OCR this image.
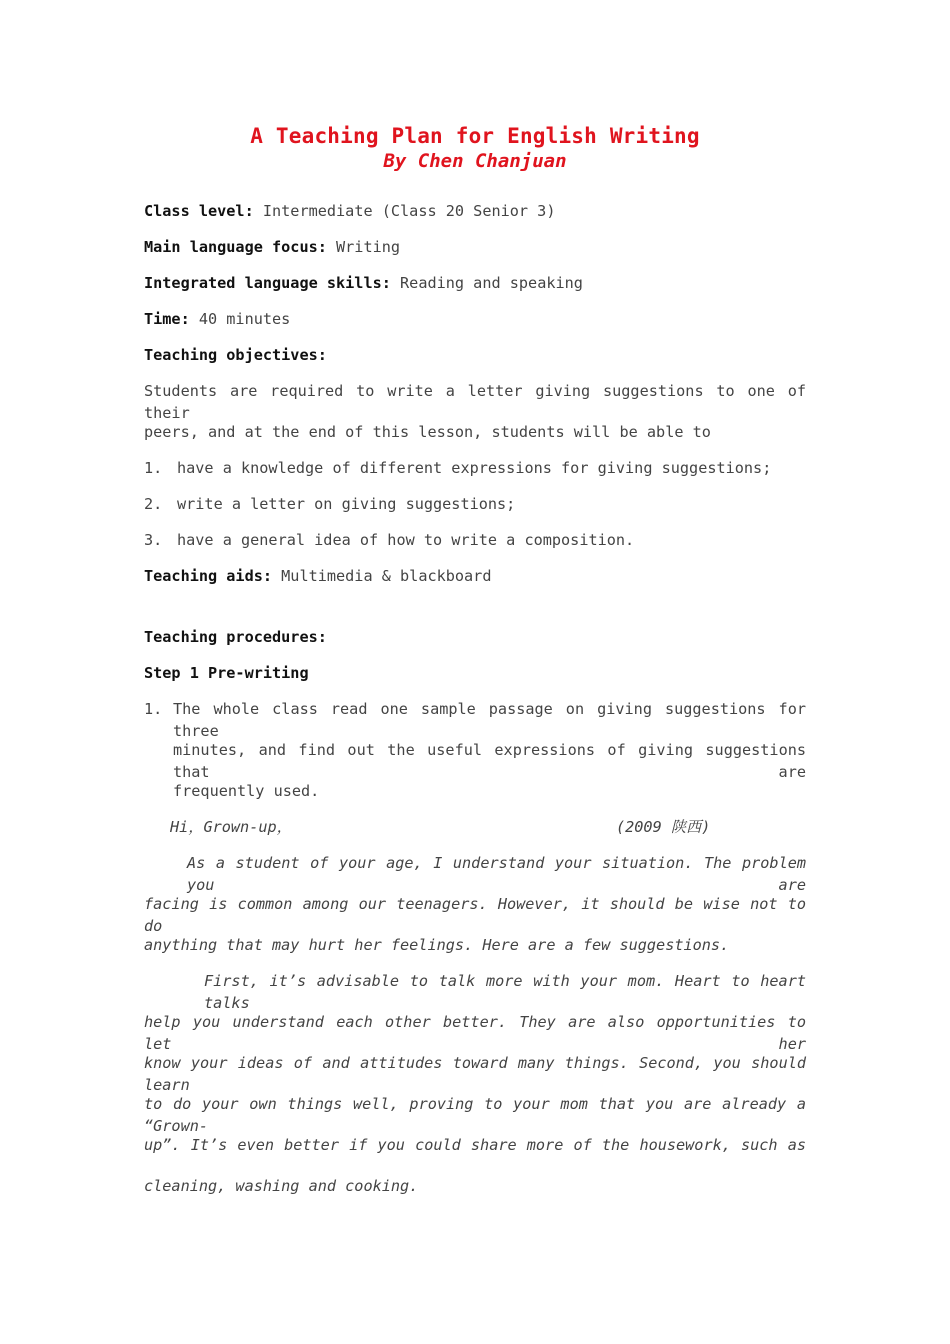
A Teaching Plan for English Writing
By Chen Chanjuan
Class level: Intermediate (Class 20 Senior 3)
Main language focus: Writing
Integrated language skills: Reading and speaking
Time: 40 minutes
Teaching objectives:
Students are required to write a letter giving suggestions to one of their
peers, and at the end of this lesson, students will be able to
1. have a knowledge of different expressions for giving suggestions;
2. write a letter on giving suggestions;
3. have a general idea of how to write a composition.
Teaching aids: Multimedia & blackboard
Teaching procedures:
Step 1 Pre-writing
1. The whole class read one sample passage on giving suggestions for three
minutes, and find out the useful expressions of giving suggestions that are
frequently used.
Hi，Grown-up，	(2009 陕西)
As a student of your age, I understand your situation. The problem you are
facing is common among our teenagers. However, it should be wise not to do
anything that may hurt her feelings. Here are a few suggestions.
First, it’s advisable to talk more with your mom. Heart to heart talks
help you understand each other better. They are also opportunities to let her
know your ideas of and attitudes toward many things. Second, you should learn
to do your own things well, proving to your mom that you are already a “Grown-
up”. It’s even better if you could share more of the housework, such as
cleaning, washing and cooking.
